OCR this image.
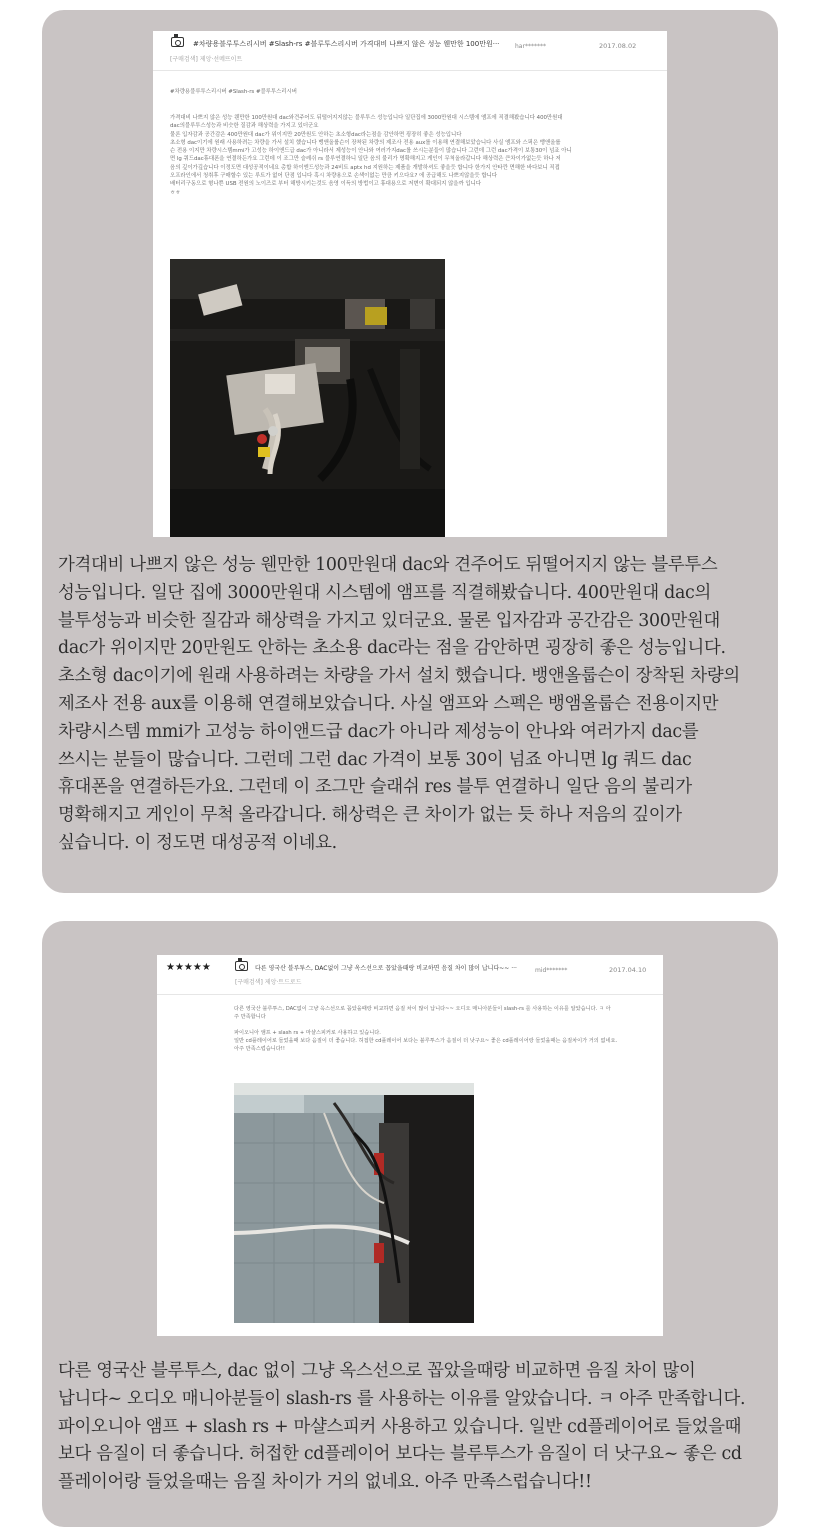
#차량용블루투스리시버 #Slash-rs #블루투스리시버 가격대비 나쁘지 않은 성능 웬만한 100만원···
[구매검색] 제앙·선메뜨이트
har*******	2017.08.02

#차량용블루투스리시버 #Slash-rs #블루투스리시버

가격대비 나쁘지 않은 성능 웬만한 100만원대 dac와견주어도 뒤떨어지지않는 블루투스 성능입니다 일단집에 3000만원대 시스템에 앰프에 직결해봤습니다 400만원대

dac의블루투스성능과 비슷한 질감과 해상력을 가지고 있더군요

물론 입자감과 공간감은 400만원대 dac가 위이지만 20만원도 안하는 초소형dac라는점을 감안하면 굉장히 좋은 성능입니다

초소형 dac이기에 원래 사용하려는 차량을 가서 설치 했습니다 뱅앤올룹슨이 장착된 차량의 제조사 전용 aux를 이용해 연결해보았습니다 사실 앰프와 스픽은 뱅앤올룹

슨 전용 이지만 차량시스템mmi가 고성능 하이앤드급 dac가 아니라서 제성능이 안나와 여러가지dac를 쓰시는분들이 많습니다 그런데 그런 dac가격이 보통30이 넘죠 아니

면 lg 쿼드dac휴대폰을 연결하든가요 그런데 이 조그만 슬레쉬 rs 블루연결하니 일단 음의 불리가 명확해지고 게인이 무척올라갑니다 해상력은 큰차이가없는듯 하나 저

음의 깊이가깊습니다 이정도면 대성공적이네요 총합 하이엔드성능과 24비트 aptx hd 지원하는 제품을 개발하셔도 좋을듯 합니다 한가지 안타깐 면해한 바다보니 직접

오프라인에서 청취후 구매할수 있는 루트가 없어 단점 입니다 혹시 차량용으로 손색이없는 만큼 키으다요? 에 공급해도 나쁘지않을듯 합니다

배터리구동으로 형나쁜 USB 전원의 노이즈로 부터 해방시키는것도 음영 이득의 방법이고 휴대용으로 저변이 확대되지 않을까 입니다

ㅎㅎ

가격대비 나쁘지 않은 성능 웬만한 100만원대 dac와 견주어도 뒤떨어지지 않는 블루투스
성능입니다. 일단 집에 3000만원대 시스템에 앰프를 직결해봤습니다. 400만원대 dac의
블투성능과 비슷한 질감과 해상력을 가지고 있더군요. 물론 입자감과 공간감은 300만원대
dac가 위이지만 20만원도 안하는 초소용 dac라는 점을 감안하면 굉장히 좋은 성능입니다.
초소형 dac이기에 원래 사용하려는 차량을 가서 설치 했습니다. 뱅앤올룹슨이 장착된 차량의
제조사 전용 aux를 이용해 연결해보았습니다. 사실 앰프와 스펙은 뱅앰올룹슨 전용이지만
차량시스템 mmi가 고성능 하이앤드급 dac가 아니라 제성능이 안나와 여러가지 dac를
쓰시는 분들이 많습니다. 그런데 그런 dac 가격이 보통 30이 넘죠 아니면 lg 쿼드 dac
휴대폰을 연결하든가요. 그런데 이 조그만 슬래쉬 res 블투 연결하니 일단 음의 불리가
명확해지고 게인이 무척 올라갑니다. 해상력은 큰 차이가 없는 듯 하나 저음의 깊이가
싶습니다. 이 정도면 대성공적 이네요.
★★★★★	다른 영국산 블루투스, DAC없이 그냥 옥스선으로 꼽았을때랑 비교하면 음질 차이 많이 납니다~~ ···
[구매검색] 제앙·트드로드
mid*******	2017.04.10

다른 영국산 블루투스, DAC없이 그냥 옥스선으로 꼽았을때랑 비교하면 음질 차이 많이 납니다~~ 오디오 매니아분들이 slash-rs 를 사용하는 이유를 알았습니다. ㅋ 아

주 만족합니다

파이오니아 앰프 + slash rs + 마샬스피커로 사용하고 있습니다.

일반 cd플레이어로 들었을때 보다 음질이 더 좋습니다. 허접한 cd플레이어 보다는 블루투스가 음질이 더 낫구요~ 좋은 cd플레이어랑 들었을때는 음질차이가 거의 없네요.

아주 만족스럽습니다!!

다른 영국산 블루투스, dac 없이 그냥 옥스선으로 꼽았을때랑 비교하면 음질 차이 많이
납니다~ 오디오 매니아분들이 slash-rs 를 사용하는 이유를 알았습니다. ㅋ 아주 만족합니다.
파이오니아 앰프 + slash rs + 마샬스피커 사용하고 있습니다. 일반 cd플레이어로 들었을때
보다 음질이 더 좋습니다. 허접한 cd플레이어 보다는 블루투스가 음질이 더 낫구요~ 좋은 cd
플레이어랑 들었을때는 음질 차이가 거의 없네요. 아주 만족스럽습니다!!
